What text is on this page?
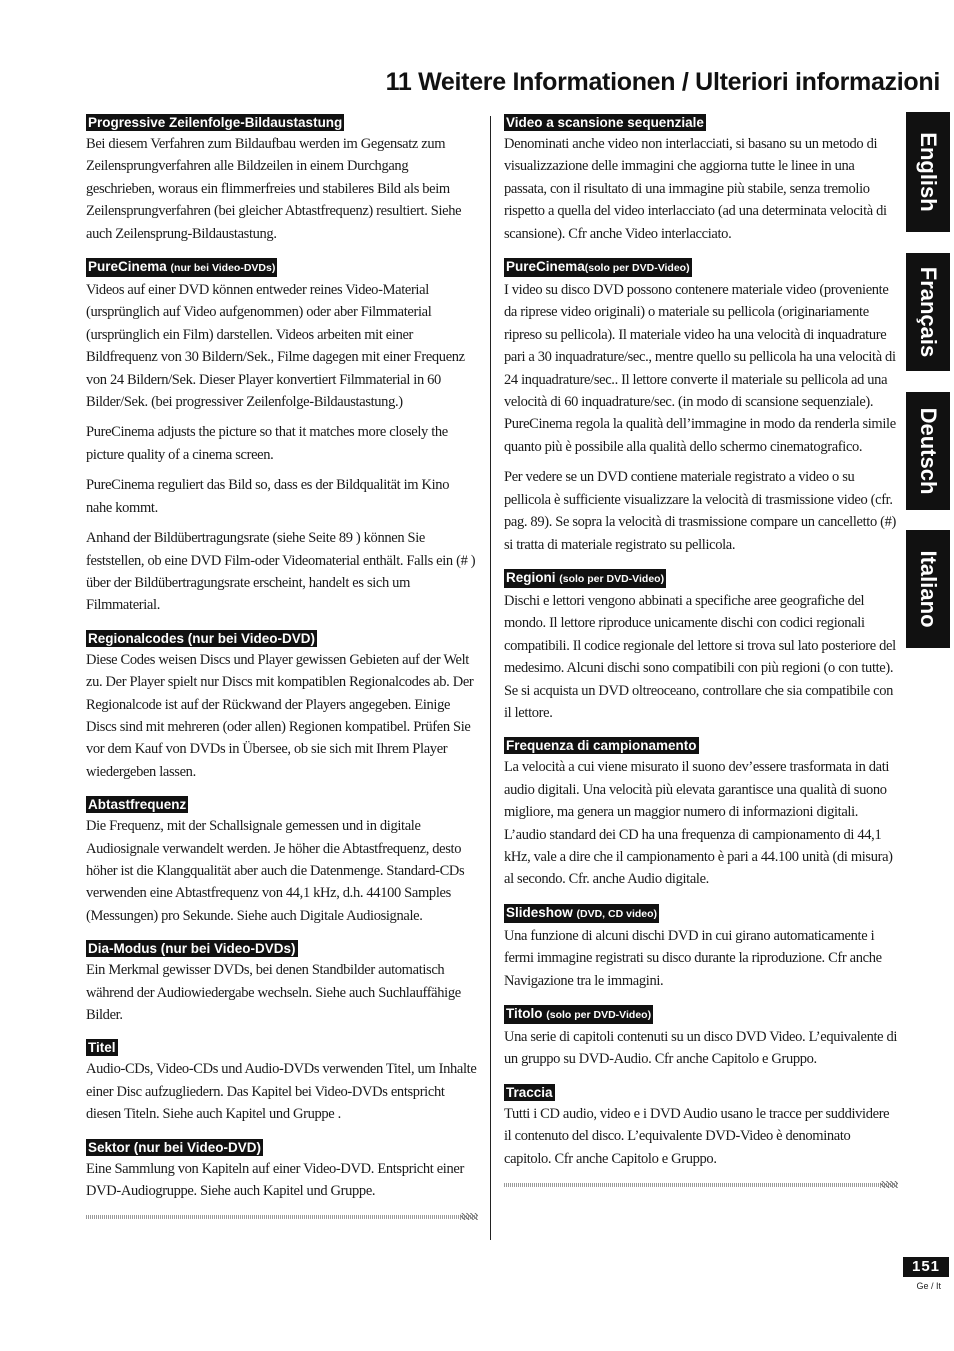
11 Weitere Informationen / Ulteriori informazioni
Progressive Zeilenfolge-Bildaustastung

Bei diesem Verfahren zum Bildaufbau werden im Gegensatz zum Zeilensprungverfahren alle Bildzeilen in einem Durchgang geschrieben, woraus ein flimmerfreies und stabileres Bild als beim Zeilensprungverfahren (bei gleicher Abtastfrequenz) resultiert. Siehe auch Zeilensprung-Bildaustastung.

PureCinema (nur bei Video-DVDs)

Videos auf einer DVD können entweder reines Video-Material (ursprünglich auf Video aufgenommen) oder aber Filmmaterial (ursprünglich ein Film) darstellen. Videos arbeiten mit einer Bildfrequenz von 30 Bildern/Sek., Filme dagegen mit einer Frequenz von 24 Bildern/Sek. Dieser Player konvertiert Filmmaterial in 60 Bilder/Sek. (bei progressiver Zeilenfolge-Bildaustastung.)

PureCinema adjusts the picture so that it matches more closely the picture quality of a cinema screen.

PureCinema reguliert das Bild so, dass es der Bildqualität im Kino nahe kommt.

Anhand der Bildübertragungsrate (siehe Seite 89 ) können Sie feststellen, ob eine DVD Film-oder Videomaterial enthält. Falls ein (# ) über der Bildübertragungsrate erscheint, handelt es sich um Filmmaterial.

Regionalcodes (nur bei Video-DVD)

Diese Codes weisen Discs und Player gewissen Gebieten auf der Welt zu. Der Player spielt nur Discs mit kompatiblen Regionalcodes ab. Der Regionalcode ist auf der Rückwand der Players angegeben. Einige Discs sind mit mehreren (oder allen) Regionen kompatibel. Prüfen Sie vor dem Kauf von DVDs in Übersee, ob sie sich mit Ihrem Player wiedergeben lassen.

Abtastfrequenz

Die Frequenz, mit der Schallsignale gemessen und in digitale Audiosignale verwandelt werden. Je höher die Abtastfrequenz, desto höher ist die Klangqualität aber auch die Datenmenge. Standard-CDs verwenden eine Abtastfrequenz von 44,1 kHz, d.h. 44100 Samples (Messungen) pro Sekunde. Siehe auch Digitale Audiosignale.

Dia-Modus (nur bei Video-DVDs)

Ein Merkmal gewisser DVDs, bei denen Standbilder automatisch während der Audiowiedergabe wechseln. Siehe auch Suchlauffähige Bilder.

Titel

Audio-CDs, Video-CDs und Audio-DVDs verwenden Titel, um Inhalte einer Disc aufzugliedern. Das Kapitel bei Video-DVDs entspricht diesen Titeln. Siehe auch Kapitel und Gruppe .

Sektor (nur bei Video-DVD)

Eine Sammlung von Kapiteln auf einer Video-DVD. Entspricht einer DVD-Audiogruppe. Siehe auch Kapitel und Gruppe.

Video a scansione sequenziale

Denominati anche video non interlacciati, si basano su un metodo di visualizzazione delle immagini che aggiorna tutte le linee in una passata, con il risultato di una immagine più stabile, senza tremolio rispetto a quella del video interlacciato (ad una determinata velocità di scansione). Cfr anche Video interlacciato.

PureCinema(solo per DVD-Video)

I video su disco DVD possono contenere materiale video (proveniente da riprese video originali) o materiale su pellicola (originariamente ripreso su pellicola). Il materiale video ha una velocità di inquadrature pari a 30 inquadrature/sec., mentre quello su pellicola ha una velocità di 24 inquadrature/sec.. Il lettore converte il materiale su pellicola ad una velocità di 60 inquadrature/sec. (in modo di scansione sequenziale). PureCinema regola la qualità dell’immagine in modo da renderla simile quanto più è possibile alla qualità dello schermo cinematografico.

Per vedere se un DVD contiene materiale registrato a video o su pellicola è sufficiente visualizzare la velocità di trasmissione video (cfr. pag. 89). Se sopra la velocità di trasmissione compare un cancelletto (#) si tratta di materiale registrato su pellicola.

Regioni (solo per DVD-Video)

Dischi e lettori vengono abbinati a specifiche aree geografiche del mondo. Il lettore riproduce unicamente dischi con codici regionali compatibili. Il codice regionale del lettore si trova sul lato posteriore del medesimo. Alcuni dischi sono compatibili con più regioni (o con tutte). Se si acquista un DVD oltreoceano, controllare che sia compatibile con il lettore.

Frequenza di campionamento

La velocità a cui viene misurato il suono dev’essere trasformata in dati audio digitali. Una velocità più elevata garantisce una qualità di suono migliore, ma genera un maggior numero di informazioni digitali. L’audio standard dei CD ha una frequenza di campionamento di 44,1 kHz, vale a dire che il campionamento è pari a 44.100 unità (di misura) al secondo. Cfr. anche Audio digitale.

Slideshow (DVD, CD video)

Una funzione di alcuni dischi DVD in cui girano automaticamente i fermi immagine registrati su disco durante la riproduzione. Cfr anche Navigazione tra le immagini.

Titolo (solo per DVD-Video)

Una serie di capitoli contenuti su un disco DVD Video. L’equivalente di un gruppo su DVD-Audio. Cfr anche Capitolo e Gruppo.

Traccia

Tutti i CD audio, video e i DVD Audio usano le tracce per suddividere il contenuto del disco. L’equivalente DVD-Video è denominato capitolo. Cfr anche Capitolo e Gruppo.

English
Français
Deutsch
Italiano
151
Ge / It
